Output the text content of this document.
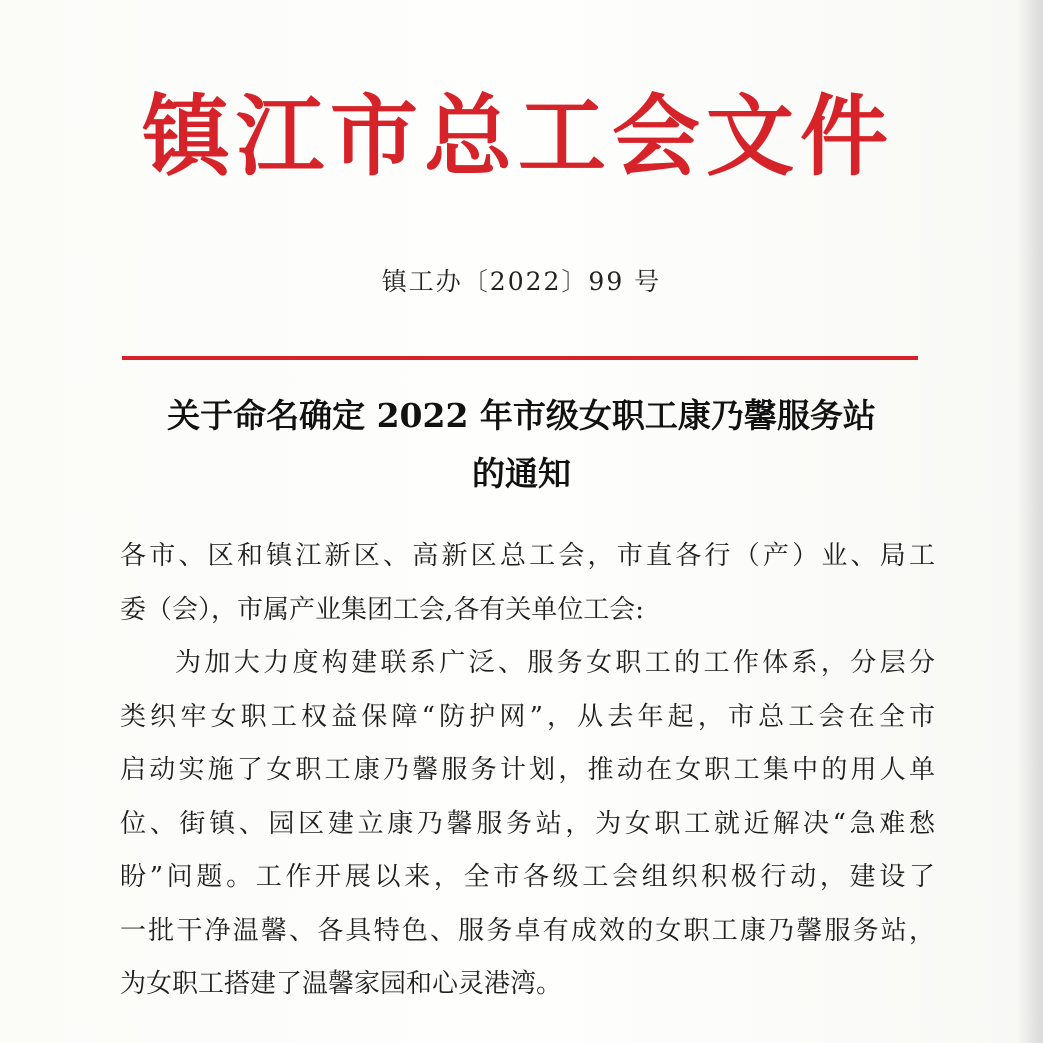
镇江市总工会文件
镇工办〔2022〕99 号
关于命名确定 2022 年市级女职工康乃馨服务站
的通知

各市、区和镇江新区、高新区总工会，市直各行（产）业、局工
委（会），市属产业集团工会,各有关单位工会:

为加大力度构建联系广泛、服务女职工的工作体系，分层分
类织牢女职工权益保障“防护网”，从去年起，市总工会在全市
启动实施了女职工康乃馨服务计划，推动在女职工集中的用人单
位、街镇、园区建立康乃馨服务站，为女职工就近解决“急难愁
盼”问题。工作开展以来，全市各级工会组织积极行动，建设了
一批干净温馨、各具特色、服务卓有成效的女职工康乃馨服务站，
为女职工搭建了温馨家园和心灵港湾。
